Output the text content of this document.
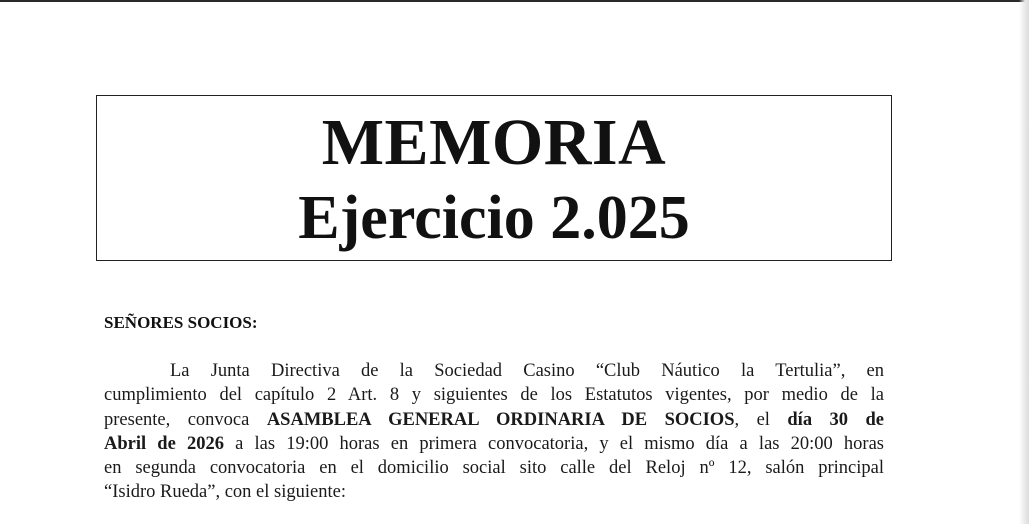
MEMORIA
Ejercicio 2.025
SEÑORES SOCIOS:
La Junta Directiva de la Sociedad Casino “Club Náutico la Tertulia”, en
cumplimiento del capítulo 2 Art. 8 y siguientes de los Estatutos vigentes, por medio de la
presente, convoca ASAMBLEA GENERAL ORDINARIA DE SOCIOS, el día 30 de
Abril de 2026 a las 19:00 horas en primera convocatoria, y el mismo día a las 20:00 horas
en segunda convocatoria en el domicilio social sito calle del Reloj nº 12, salón principal
“Isidro Rueda”, con el siguiente:
